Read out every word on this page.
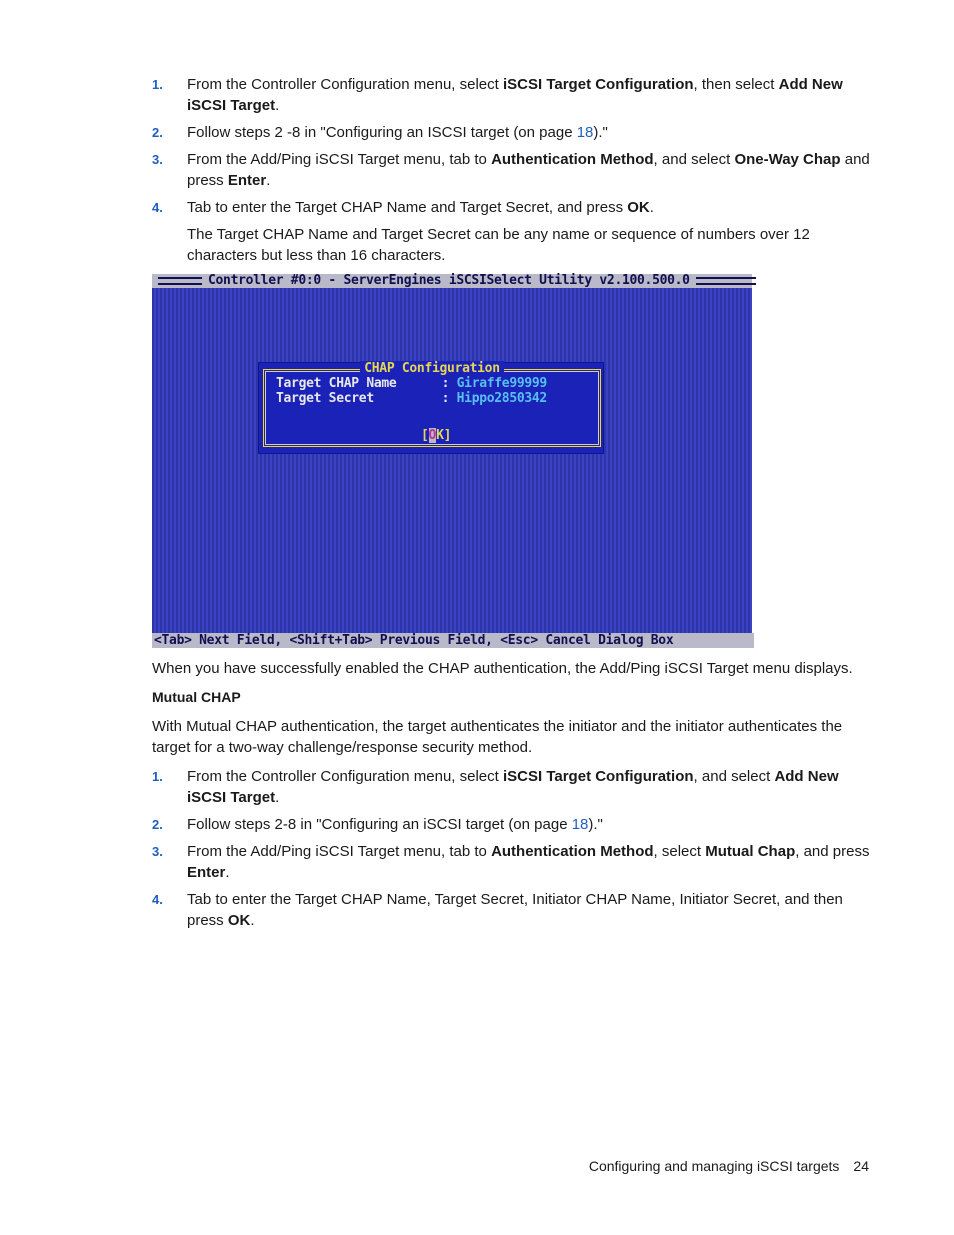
1. From the Controller Configuration menu, select iSCSI Target Configuration, then select Add New iSCSI Target.
2. Follow steps 2 -8 in "Configuring an ISCSI target (on page 18)."
3. From the Add/Ping iSCSI Target menu, tab to Authentication Method, and select One-Way Chap and press Enter.
4. Tab to enter the Target CHAP Name and Target Secret, and press OK.

The Target CHAP Name and Target Secret can be any name or sequence of numbers over 12 characters but less than 16 characters.

Controller #0:0 - ServerEngines iSCSISelect Utility v2.100.500.0
CHAP Configuration
Target CHAP Name      : Giraffe99999
Target Secret         : Hippo2850342
[OK]
<Tab> Next Field, <Shift+Tab> Previous Field, <Esc> Cancel Dialog Box

When you have successfully enabled the CHAP authentication, the Add/Ping iSCSI Target menu displays.

Mutual CHAP

With Mutual CHAP authentication, the target authenticates the initiator and the initiator authenticates the target for a two-way challenge/response security method.

1. From the Controller Configuration menu, select iSCSI Target Configuration, and select Add New iSCSI Target.
2. Follow steps 2-8 in "Configuring an iSCSI target (on page 18)."
3. From the Add/Ping iSCSI Target menu, tab to Authentication Method, select Mutual Chap, and press Enter.
4. Tab to enter the Target CHAP Name, Target Secret, Initiator CHAP Name, Initiator Secret, and then press OK.
Configuring and managing iSCSI targets 24
